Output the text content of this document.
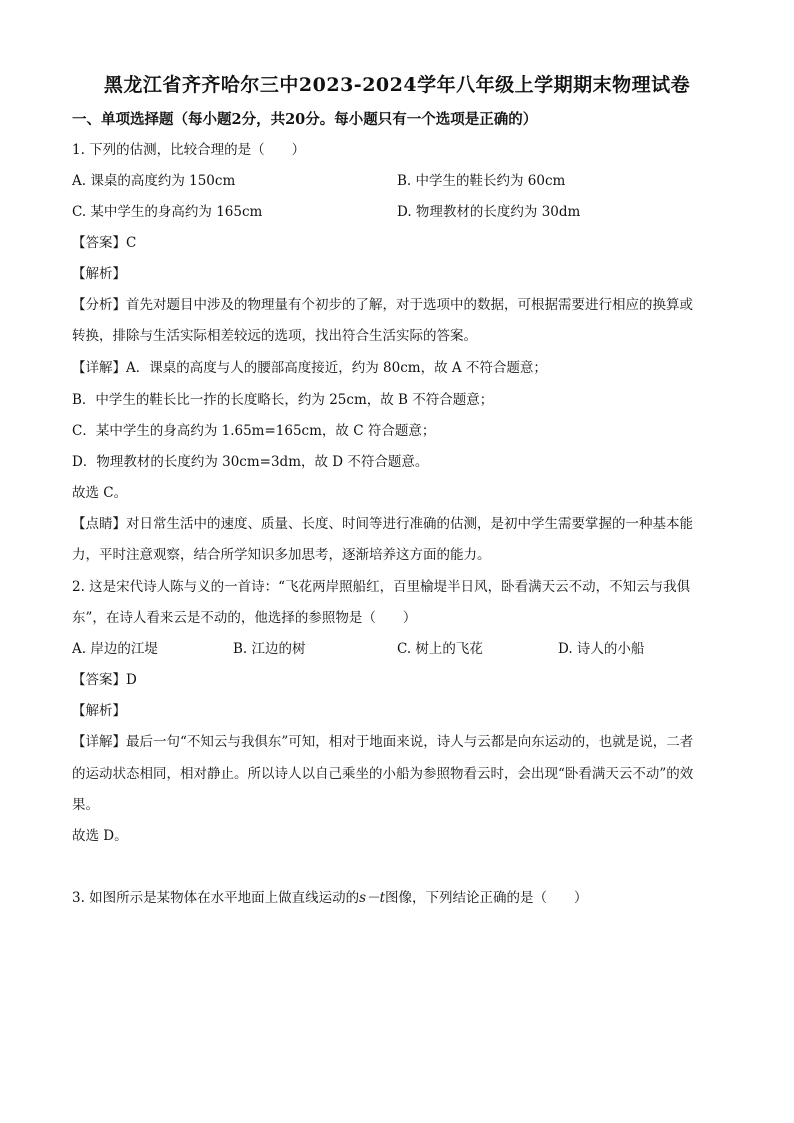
黑龙江省齐齐哈尔三中2023-2024学年八年级上学期期末物理试卷
一、单项选择题（每小题2分，共20分。每小题只有一个选项是正确的）
1. 下列的估测，比较合理的是（　　）
A. 课桌的高度约为 150cm	B. 中学生的鞋长约为 60cm
C. 某中学生的身高约为 165cm	D. 物理教材的长度约为 30dm
【答案】C
【解析】
【分析】首先对题目中涉及的物理量有个初步的了解，对于选项中的数据，可根据需要进行相应的换算或
转换，排除与生活实际相差较远的选项，找出符合生活实际的答案。
【详解】A．课桌的高度与人的腰部高度接近，约为 80cm，故 A 不符合题意；
B．中学生的鞋长比一拃的长度略长，约为 25cm，故 B 不符合题意；
C．某中学生的身高约为 1.65m=165cm，故 C 符合题意；
D．物理教材的长度约为 30cm=3dm，故 D 不符合题意。
故选 C。
【点睛】对日常生活中的速度、质量、长度、时间等进行准确的估测，是初中学生需要掌握的一种基本能
力，平时注意观察，结合所学知识多加思考，逐渐培养这方面的能力。
2. 这是宋代诗人陈与义的一首诗：“飞花两岸照船红，百里榆堤半日风，卧看满天云不动，不知云与我俱
东”，在诗人看来云是不动的，他选择的参照物是（　　）
A. 岸边的江堤	B. 江边的树	C. 树上的飞花	D. 诗人的小船
【答案】D
【解析】
【详解】最后一句“不知云与我俱东”可知，相对于地面来说，诗人与云都是向东运动的，也就是说，二者
的运动状态相同，相对静止。所以诗人以自己乘坐的小船为参照物看云时，会出现“卧看满天云不动”的效
果。
故选 D。
3. 如图所示是某物体在水平地面上做直线运动的s－t图像，下列结论正确的是（　　）
